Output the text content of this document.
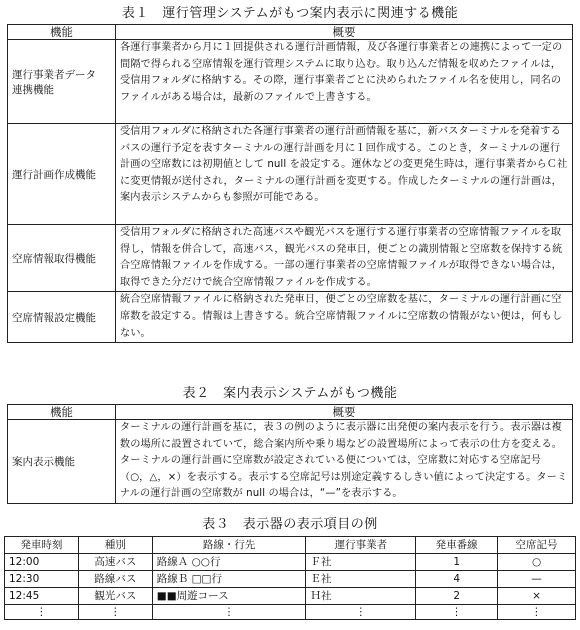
表１　運行管理システムがもつ案内表示に関連する機能
機能	概要
運行事業者データ
連携機能	各運行事業者から月に１回提供される運行計画情報，及び各運行事業者との連携によって一定の間隔で得られる空席情報を運行管理システムに取り込む。取り込んだ情報を収めたファイルは，受信用フォルダに格納する。その際，運行事業者ごとに決められたファイル名を使用し，同名のファイルがある場合は，最新のファイルで上書きする。
運行計画作成機能	受信用フォルダに格納された各運行事業者の運行計画情報を基に，新バスターミナルを発着するバスの運行予定を表すターミナルの運行計画を月に１回作成する。このとき，ターミナルの運行計画の空席数には初期値として null を設定する。運休などの変更発生時は，運行事業者からＣ社に変更情報が送付され，ターミナルの運行計画を変更する。作成したターミナルの運行計画は，案内表示システムからも参照が可能である。
空席情報取得機能	受信用フォルダに格納された高速バスや観光バスを運行する運行事業者の空席情報ファイルを取得し，情報を併合して，高速バス，観光バスの発車日，便ごとの識別情報と空席数を保持する統合空席情報ファイルを作成する。一部の運行事業者の空席情報ファイルが取得できない場合は，取得できた分だけで統合空席情報ファイルを作成する。
空席情報設定機能	統合空席情報ファイルに格納された発車日，便ごとの空席数を基に，ターミナルの運行計画に空席数を設定する。情報は上書きする。統合空席情報ファイルに空席数の情報がない便は，何もしない。
表２　案内表示システムがもつ機能
機能	概要
案内表示機能	ターミナルの運行計画を基に，表３の例のように表示器に出発便の案内表示を行う。表示器は複数の場所に設置されていて，総合案内所や乗り場などの設置場所によって表示の仕方を変える。ターミナルの運行計画に空席数が設定されている便については，空席数に対応する空席記号（○，△，×）を表示する。表示する空席記号は別途定義するしきい値によって決定する。ターミナルの運行計画の空席数が null の場合は，“—”を表示する。
表３　表示器の表示項目の例
発車時刻	種別	路線・行先	運行事業者	発車番線	空席記号
12:00	高速バス	路線Ａ ○○行	Ｆ社	1	○
12:30	路線バス	路線Ｂ □□行	Ｅ社	4	—
12:45	観光バス	■■周遊コース	Ｈ社	2	×
⋮	⋮	⋮	⋮	⋮	⋮
